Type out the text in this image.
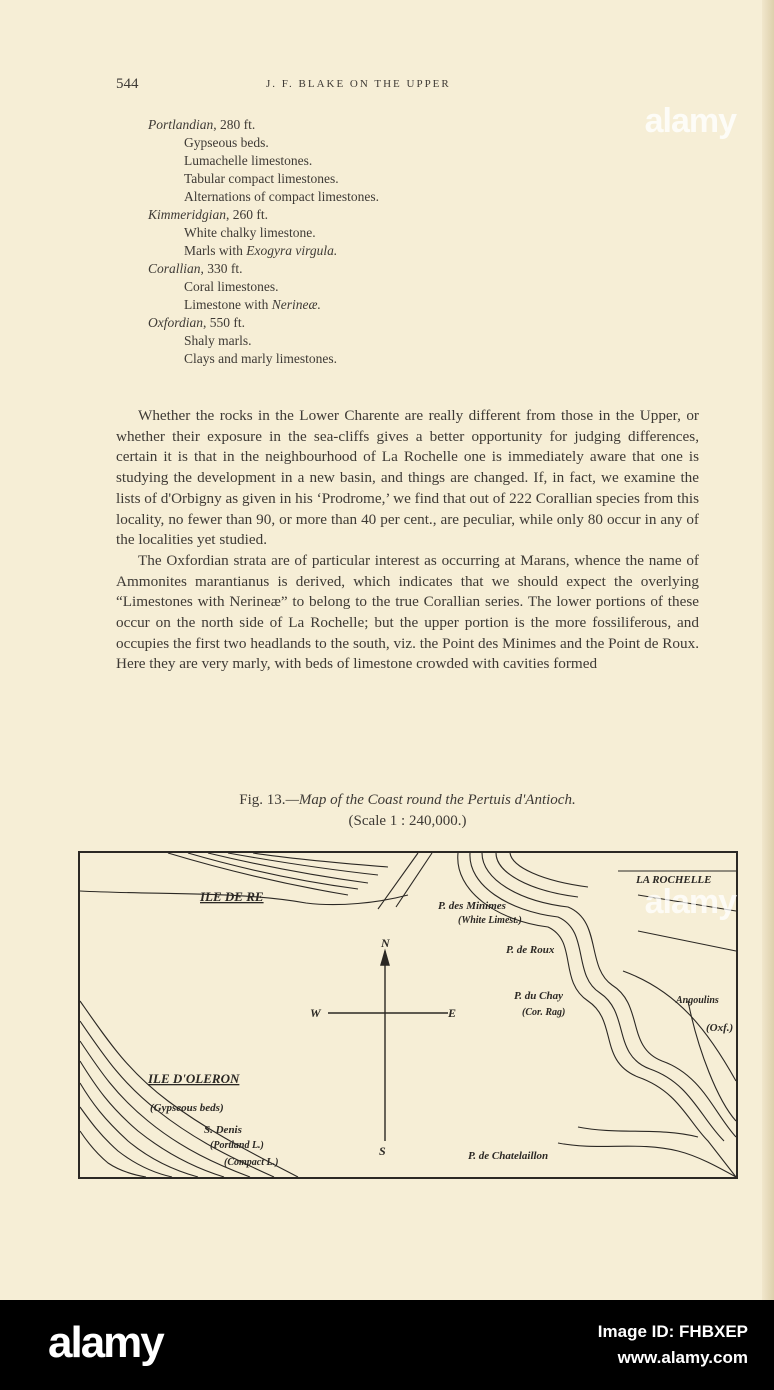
544	J. F. BLAKE ON THE UPPER
Portlandian, 280 ft.
Gypseous beds.
Lumachelle limestones.
Tabular compact limestones.
Alternations of compact limestones.
Kimmeridgian, 260 ft.
White chalky limestone.
Marls with Exogyra virgula.
Corallian, 330 ft.
Coral limestones.
Limestone with Nerineæ.
Oxfordian, 550 ft.
Shaly marls.
Clays and marly limestones.

Whether the rocks in the Lower Charente are really different from those in the Upper, or whether their exposure in the sea-cliffs gives a better opportunity for judging differences, certain it is that in the neighbourhood of La Rochelle one is immediately aware that one is studying the development in a new basin, and things are changed. If, in fact, we examine the lists of d'Orbigny as given in his ‘Prodrome,’ we find that out of 222 Corallian species from this locality, no fewer than 90, or more than 40 per cent., are peculiar, while only 80 occur in any of the localities yet studied.

The Oxfordian strata are of particular interest as occurring at Marans, whence the name of Ammonites marantianus is derived, which indicates that we should expect the overlying “Limestones with Nerineæ” to belong to the true Corallian series. The lower portions of these occur on the north side of La Rochelle; but the upper portion is the more fossiliferous, and occupies the first two headlands to the south, viz. the Point des Minimes and the Point de Roux. Here they are very marly, with beds of limestone crowded with cavities formed

Fig. 13.—Map of the Coast round the Pertuis d'Antioch.
(Scale 1 : 240,000.)
N
S
E
W
ILE DE RE
LA ROCHELLE
P. des Minimes
(White Limest.)
P. de Roux
P. du Chay
(Cor. Rag)
Angoulins
(Oxf.)
ILE D'OLERON
(Gypseous beds)
S. Denis
(Portland L.)
(Compact L.)
P. de Chatelaillon
alamy
alamy
alamy	Image ID: FHBXEP
www.alamy.com
